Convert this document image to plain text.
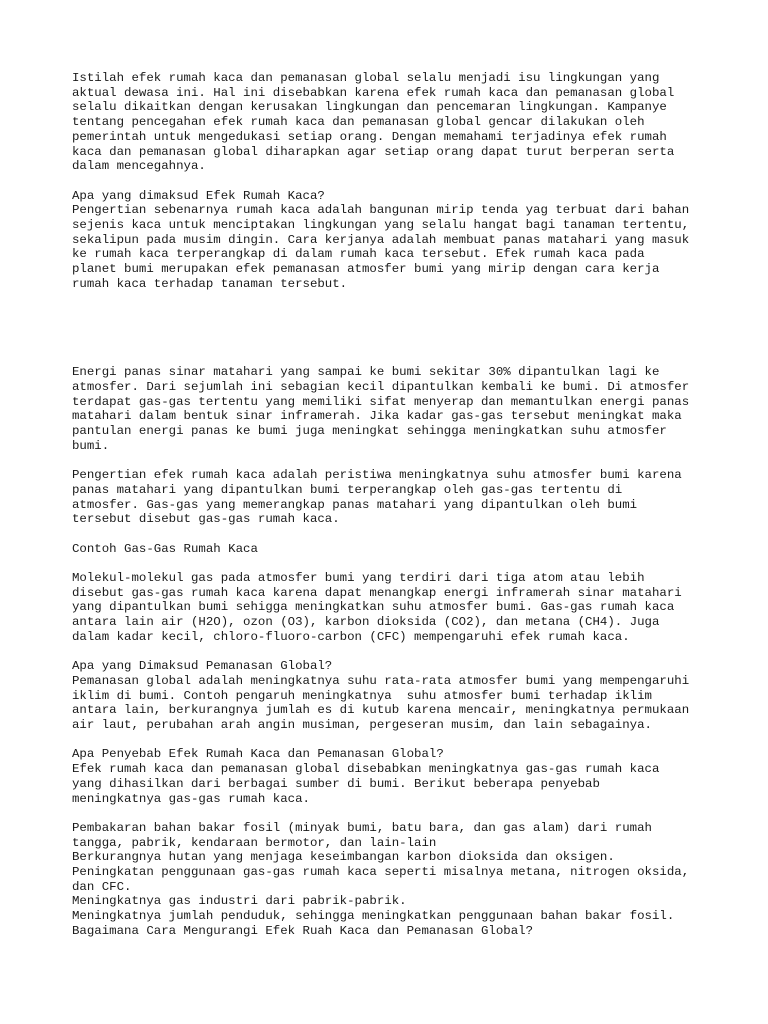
Istilah efek rumah kaca dan pemanasan global selalu menjadi isu lingkungan yang
aktual dewasa ini. Hal ini disebabkan karena efek rumah kaca dan pemanasan global
selalu dikaitkan dengan kerusakan lingkungan dan pencemaran lingkungan. Kampanye
tentang pencegahan efek rumah kaca dan pemanasan global gencar dilakukan oleh
pemerintah untuk mengedukasi setiap orang. Dengan memahami terjadinya efek rumah
kaca dan pemanasan global diharapkan agar setiap orang dapat turut berperan serta
dalam mencegahnya.

Apa yang dimaksud Efek Rumah Kaca?

Pengertian sebenarnya rumah kaca adalah bangunan mirip tenda yag terbuat dari bahan
sejenis kaca untuk menciptakan lingkungan yang selalu hangat bagi tanaman tertentu,
sekalipun pada musim dingin. Cara kerjanya adalah membuat panas matahari yang masuk
ke rumah kaca terperangkap di dalam rumah kaca tersebut. Efek rumah kaca pada
planet bumi merupakan efek pemanasan atmosfer bumi yang mirip dengan cara kerja
rumah kaca terhadap tanaman tersebut.

Energi panas sinar matahari yang sampai ke bumi sekitar 30% dipantulkan lagi ke
atmosfer. Dari sejumlah ini sebagian kecil dipantulkan kembali ke bumi. Di atmosfer
terdapat gas-gas tertentu yang memiliki sifat menyerap dan memantulkan energi panas
matahari dalam bentuk sinar inframerah. Jika kadar gas-gas tersebut meningkat maka
pantulan energi panas ke bumi juga meningkat sehingga meningkatkan suhu atmosfer
bumi.

Pengertian efek rumah kaca adalah peristiwa meningkatnya suhu atmosfer bumi karena
panas matahari yang dipantulkan bumi terperangkap oleh gas-gas tertentu di
atmosfer. Gas-gas yang memerangkap panas matahari yang dipantulkan oleh bumi
tersebut disebut gas-gas rumah kaca.

Contoh Gas-Gas Rumah Kaca

Molekul-molekul gas pada atmosfer bumi yang terdiri dari tiga atom atau lebih
disebut gas-gas rumah kaca karena dapat menangkap energi inframerah sinar matahari
yang dipantulkan bumi sehigga meningkatkan suhu atmosfer bumi. Gas-gas rumah kaca
antara lain air (H2O), ozon (O3), karbon dioksida (CO2), dan metana (CH4). Juga
dalam kadar kecil, chloro-fluoro-carbon (CFC) mempengaruhi efek rumah kaca.

Apa yang Dimaksud Pemanasan Global?

Pemanasan global adalah meningkatnya suhu rata-rata atmosfer bumi yang mempengaruhi
iklim di bumi. Contoh pengaruh meningkatnya  suhu atmosfer bumi terhadap iklim
antara lain, berkurangnya jumlah es di kutub karena mencair, meningkatnya permukaan
air laut, perubahan arah angin musiman, pergeseran musim, dan lain sebagainya.

Apa Penyebab Efek Rumah Kaca dan Pemanasan Global?

Efek rumah kaca dan pemanasan global disebabkan meningkatnya gas-gas rumah kaca
yang dihasilkan dari berbagai sumber di bumi. Berikut beberapa penyebab
meningkatnya gas-gas rumah kaca.

Pembakaran bahan bakar fosil (minyak bumi, batu bara, dan gas alam) dari rumah
tangga, pabrik, kendaraan bermotor, dan lain-lain
Berkurangnya hutan yang menjaga keseimbangan karbon dioksida dan oksigen.
Peningkatan penggunaan gas-gas rumah kaca seperti misalnya metana, nitrogen oksida,
dan CFC.
Meningkatnya gas industri dari pabrik-pabrik.
Meningkatnya jumlah penduduk, sehingga meningkatkan penggunaan bahan bakar fosil.
Bagaimana Cara Mengurangi Efek Ruah Kaca dan Pemanasan Global?
